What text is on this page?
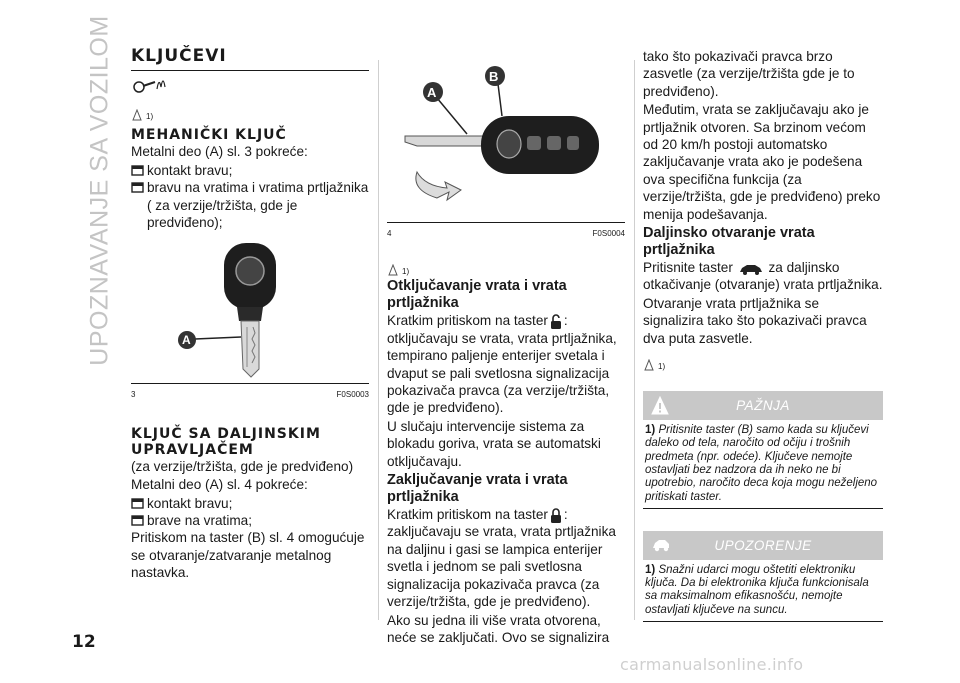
UPOZNAVANJE SA VOZILOM
12
carmanualsonline.info
KLJUČEVI
1)
MEHANIČKI KLJUČ
Metalni deo (A) sl. 3 pokreće:
kontakt bravu;
bravu na vratima i vratima prtljažnika ( za verzije/tržišta, gde je predviđeno);
A
3	F0S0003
KLJUČ SA DALJINSKIM UPRAVLJAČEM
(za verzije/tržišta, gde je predviđeno)
Metalni deo (A) sl. 4 pokreće:
kontakt bravu;
brave na vratima;
Pritiskom na taster (B) sl. 4 omogućuje se otvaranje/zatvaranje metalnog nastavka.
A
B
4	F0S0004
1)
Otključavanje vrata i vrata prtljažnika
Kratkim pritiskom na taster : otključavaju se vrata, vrata prtljažnika, tempirano paljenje enterijer svetala i dvaput se pali svetlosna signalizacija pokazivača pravca (za verzije/tržišta, gde je predviđeno).
U slučaju intervencije sistema za blokadu goriva, vrata se automatski otključavaju.
Zaključavanje vrata i vrata prtljažnika
Kratkim pritiskom na taster : zaključavaju se vrata, vrata prtljažnika na daljinu i gasi se lampica enterijer svetla i jednom se pali svetlosna signalizacija pokazivača pravca (za verzije/tržišta, gde je predviđeno).
Ako su jedna ili više vrata otvorena, neće se zaključati. Ovo se signalizira
tako što pokazivači pravca brzo zasvetle (za verzije/tržišta gde je to predviđeno).
Međutim, vrata se zaključavaju ako je prtljažnik otvoren. Sa brzinom većom od 20 km/h postoji automatsko zaključavanje vrata ako je podešena ova specifična funkcija (za verzije/tržišta, gde je predviđeno) preko menija podešavanja.
Daljinsko otvaranje vrata prtljažnika
Pritisnite taster	za daljinsko otkačivanje (otvaranje) vrata prtljažnika.
Otvaranje vrata prtljažnika se signalizira tako što pokazivači pravca dva puta zasvetle.
1)
PAŽNJA
1) Pritisnite taster (B) samo kada su ključevi daleko od tela, naročito od očiju i trošnih predmeta (npr. odeće). Ključeve nemojte ostavljati bez nadzora da ih neko ne bi upotrebio, naročito deca koja mogu neželjeno pritiskati taster.
UPOZORENJE
1) Snažni udarci mogu oštetiti elektroniku ključa. Da bi elektronika ključa funkcionisala sa maksimalnom efikasnošću, nemojte ostavljati ključeve na suncu.
